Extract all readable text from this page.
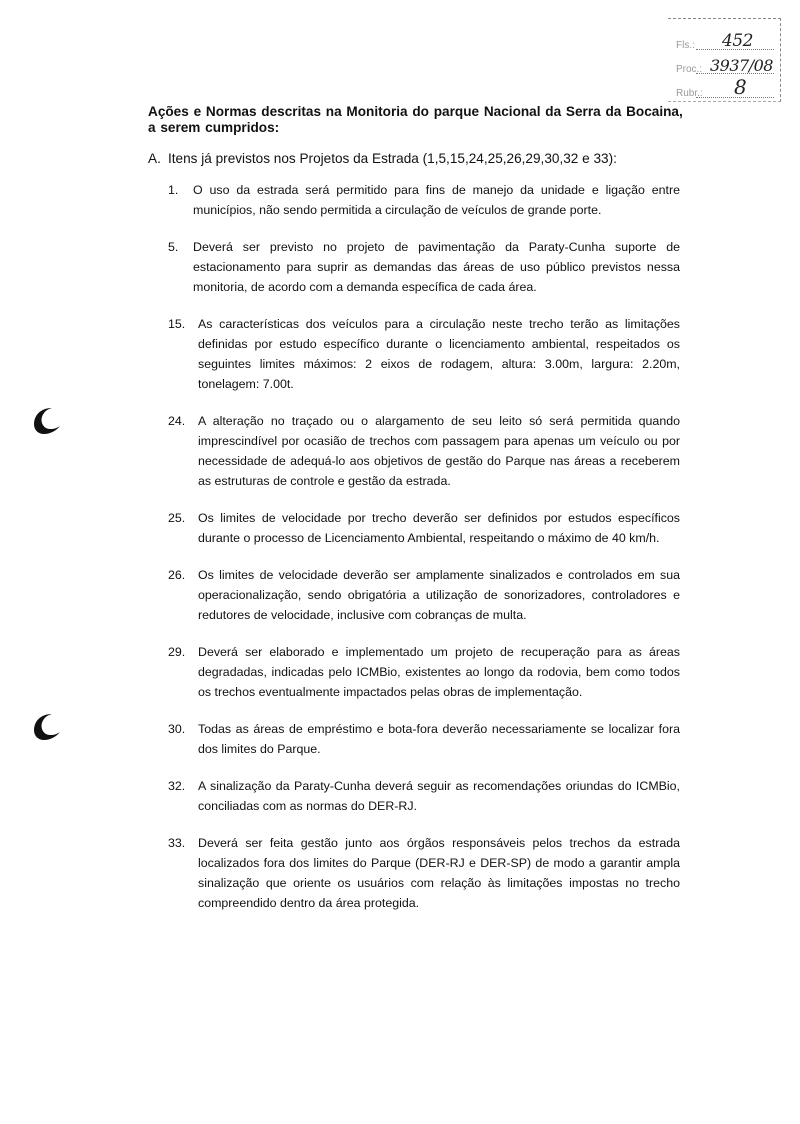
Fls.: 452
Proc.: 3937/08
Rubr.: 8
Ações e Normas descritas na Monitoria do parque Nacional da Serra da Bocaina, a serem cumpridos:
A. Itens já previstos nos Projetos da Estrada (1,5,15,24,25,26,29,30,32 e 33):
1.	O uso da estrada será permitido para fins de manejo da unidade e ligação entre municípios, não sendo permitida a circulação de veículos de grande porte.
5.	Deverá ser previsto no projeto de pavimentação da Paraty-Cunha suporte de estacionamento para suprir as demandas das áreas de uso público previstos nessa monitoria, de acordo com a demanda específica de cada área.
15.	As características dos veículos para a circulação neste trecho terão as limitações definidas por estudo específico durante o licenciamento ambiental, respeitados os seguintes limites máximos: 2 eixos de rodagem, altura: 3.00m, largura: 2.20m, tonelagem: 7.00t.
24.	A alteração no traçado ou o alargamento de seu leito só será permitida quando imprescindível por ocasião de trechos com passagem para apenas um veículo ou por necessidade de adequá-lo aos objetivos de gestão do Parque nas áreas a receberem as estruturas de controle e gestão da estrada.
25.	Os limites de velocidade por trecho deverão ser definidos por estudos específicos durante o processo de Licenciamento Ambiental, respeitando o máximo de 40 km/h.
26.	Os limites de velocidade deverão ser amplamente sinalizados e controlados em sua operacionalização, sendo obrigatória a utilização de sonorizadores, controladores e redutores de velocidade, inclusive com cobranças de multa.
29.	Deverá ser elaborado e implementado um projeto de recuperação para as áreas degradadas, indicadas pelo ICMBio, existentes ao longo da rodovia, bem como todos os trechos eventualmente impactados pelas obras de implementação.
30.	Todas as áreas de empréstimo e bota-fora deverão necessariamente se localizar fora dos limites do Parque.
32.	A sinalização da Paraty-Cunha deverá seguir as recomendações oriundas do ICMBio, conciliadas com as normas do DER-RJ.
33.	Deverá ser feita gestão junto aos órgãos responsáveis pelos trechos da estrada localizados fora dos limites do Parque (DER-RJ e DER-SP) de modo a garantir ampla sinalização que oriente os usuários com relação às limitações impostas no trecho compreendido dentro da área protegida.
